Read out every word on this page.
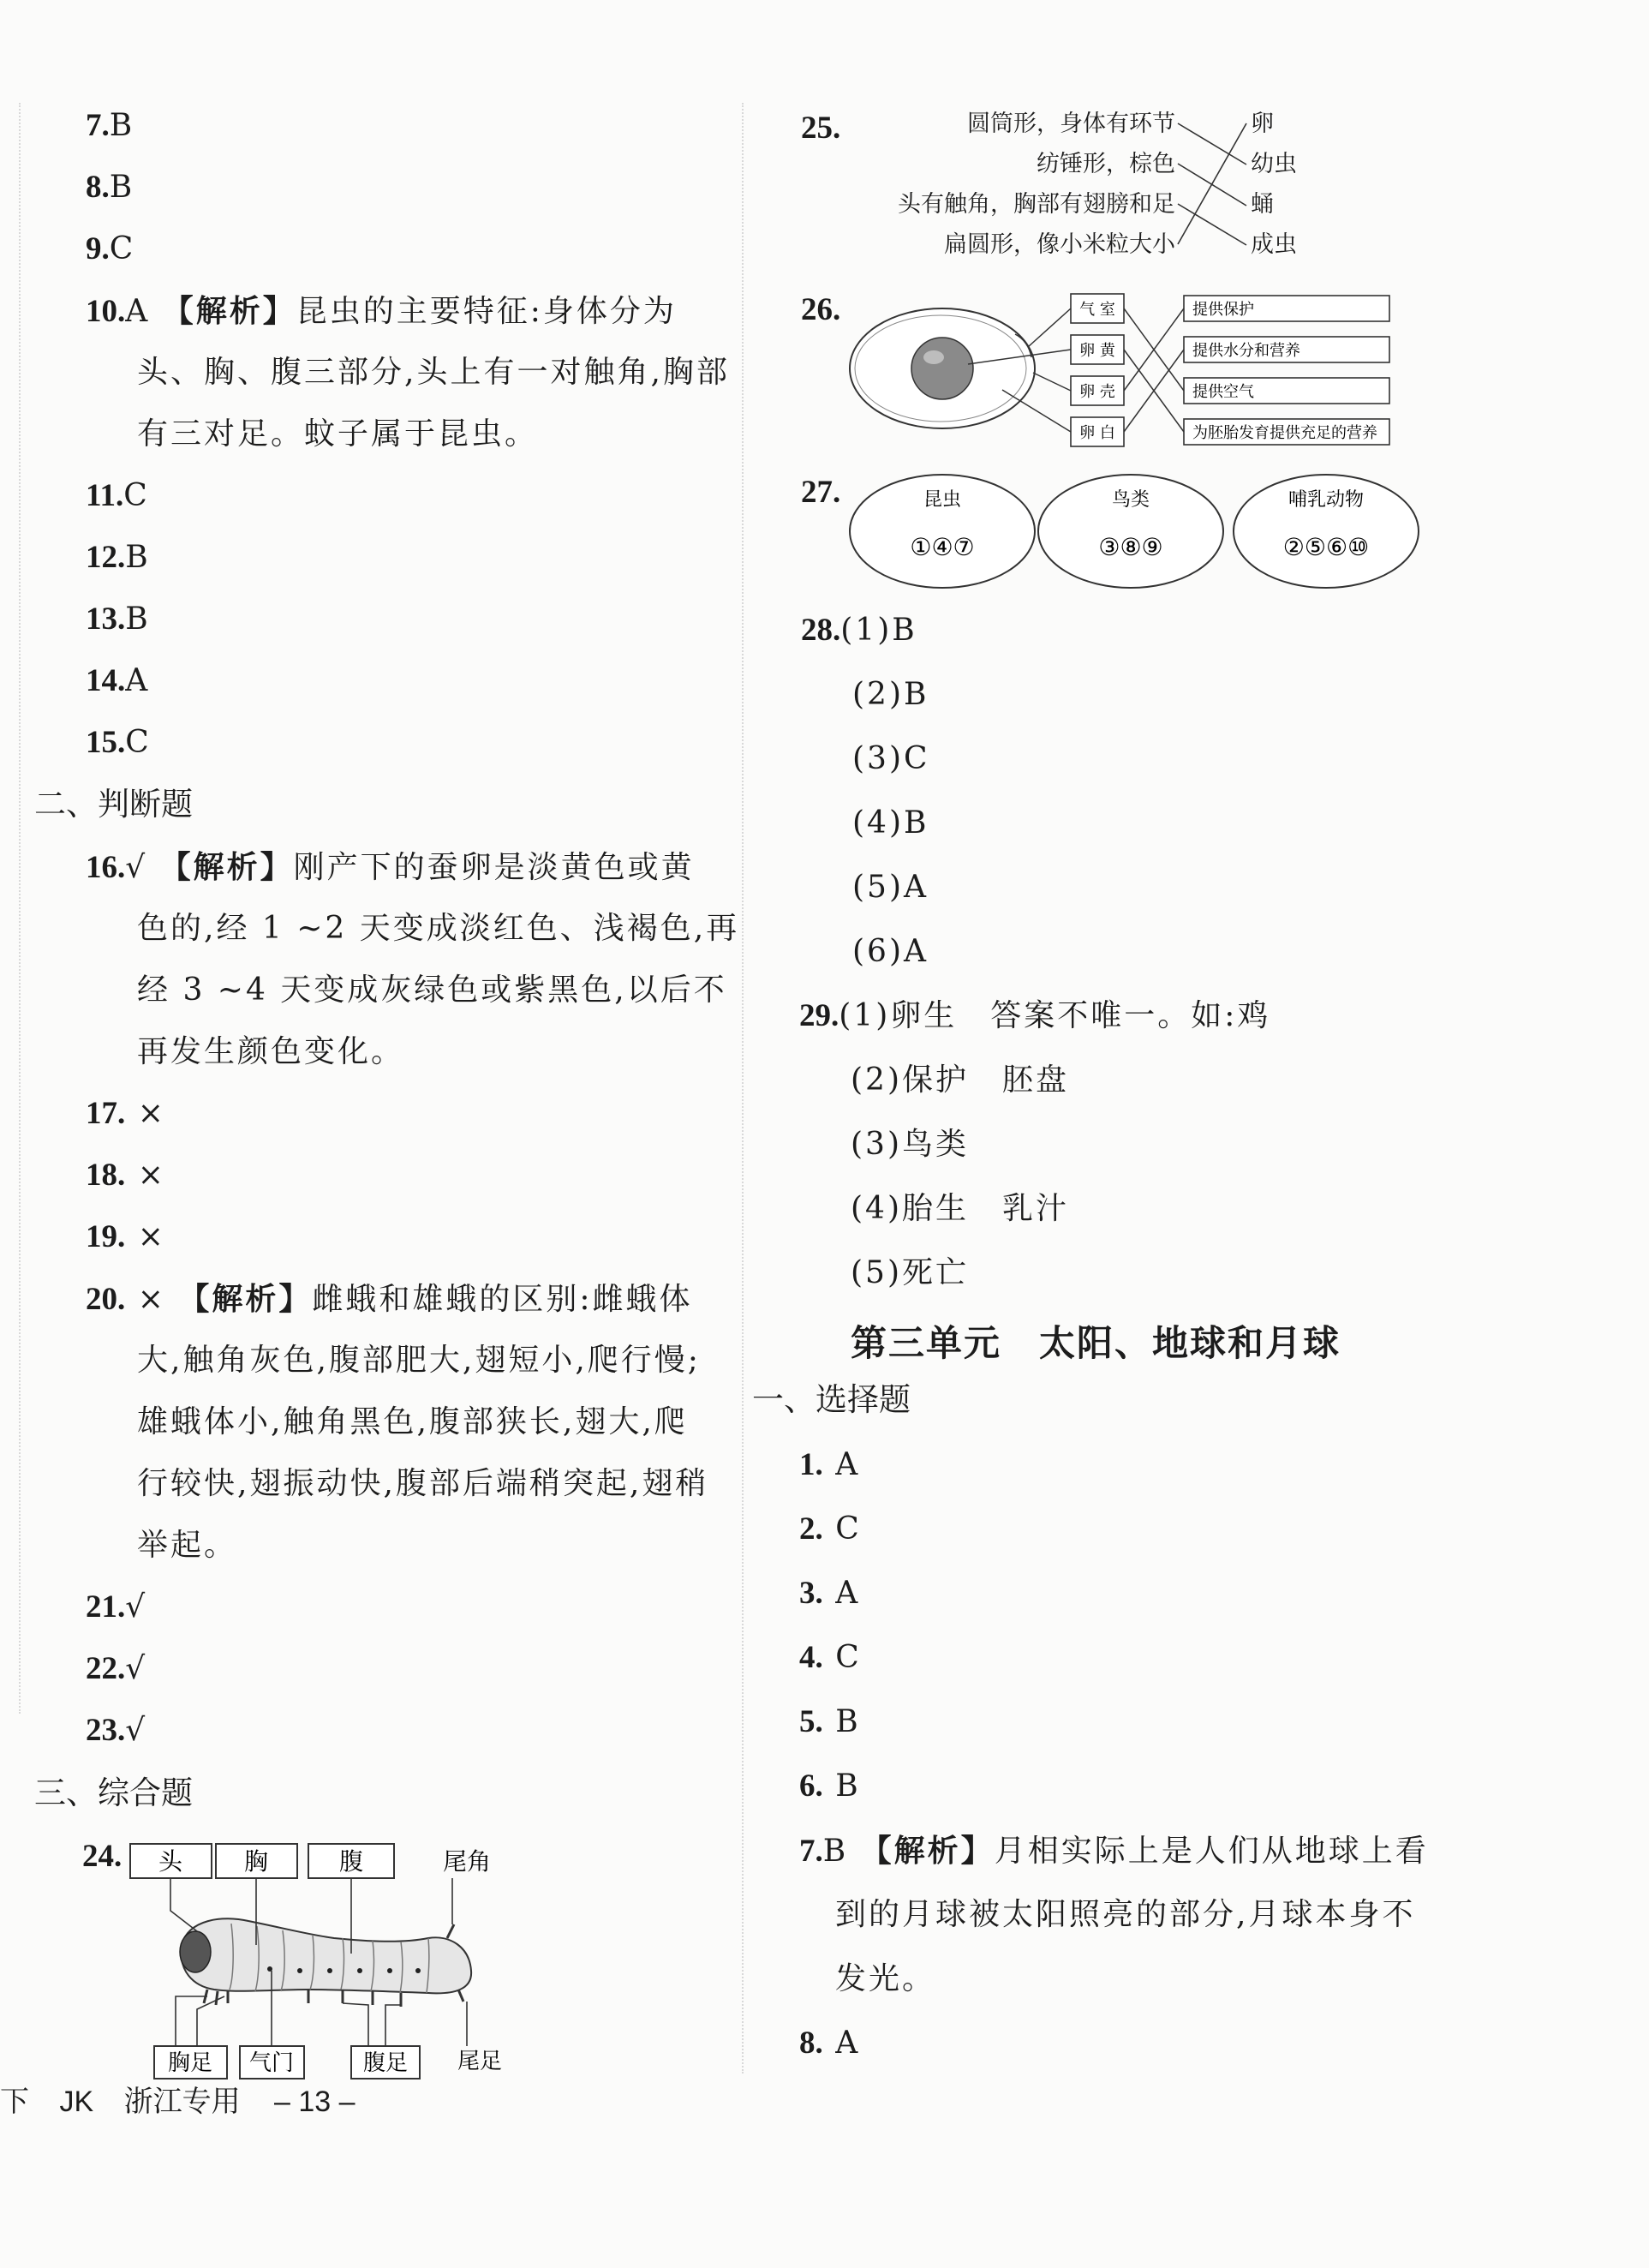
7.B
8.B
9.C
10.A 【解析】昆虫的主要特征:身体分为
头、胸、腹三部分,头上有一对触角,胸部
有三对足。蚊子属于昆虫。
11.C
12.B
13.B
14.A
15.C
二、判断题
16.√ 【解析】刚产下的蚕卵是淡黄色或黄
色的,经 1 ~2 天变成淡红色、浅褐色,再
经 3 ~4 天变成灰绿色或紫黑色,以后不
再发生颜色变化。
17. ×
18. ×
19. ×
20. × 【解析】雌蛾和雄蛾的区别:雌蛾体
大,触角灰色,腹部肥大,翅短小,爬行慢;
雄蛾体小,触角黑色,腹部狭长,翅大,爬
行较快,翅振动快,腹部后端稍突起,翅稍
举起。
21.√
22.√
23.√
三、综合题
24. 头	胸	腹	尾角
胸足 气门	腹足 尾足
25.	圆筒形，身体有环节
纺锤形，棕色
头有触角，胸部有翅膀和足
扁圆形，像小米粒大小
卵
幼虫
蛹
成虫
26.	气 室
卵 黄
卵 壳
卵 白
提供保护
提供水分和营养
提供空气
为胚胎发育提供充足的营养
27.	昆虫	鸟类	哺乳动物
①④⑦	③⑧⑨	②⑤⑥⑩
28.(1)B
(2)B
(3)C
(4)B
(5)A
(6)A
29.(1)卵生　答案不唯一。如:鸡
(2)保护　胚盘
(3)鸟类
(4)胎生　乳汁
(5)死亡
第三单元　太阳、地球和月球
一、选择题
1. A
2. C
3. A
4. C
5. B
6. B
7.B 【解析】月相实际上是人们从地球上看
到的月球被太阳照亮的部分,月球本身不
发光。
8. A
下 JK 浙江专用 – 13 –
